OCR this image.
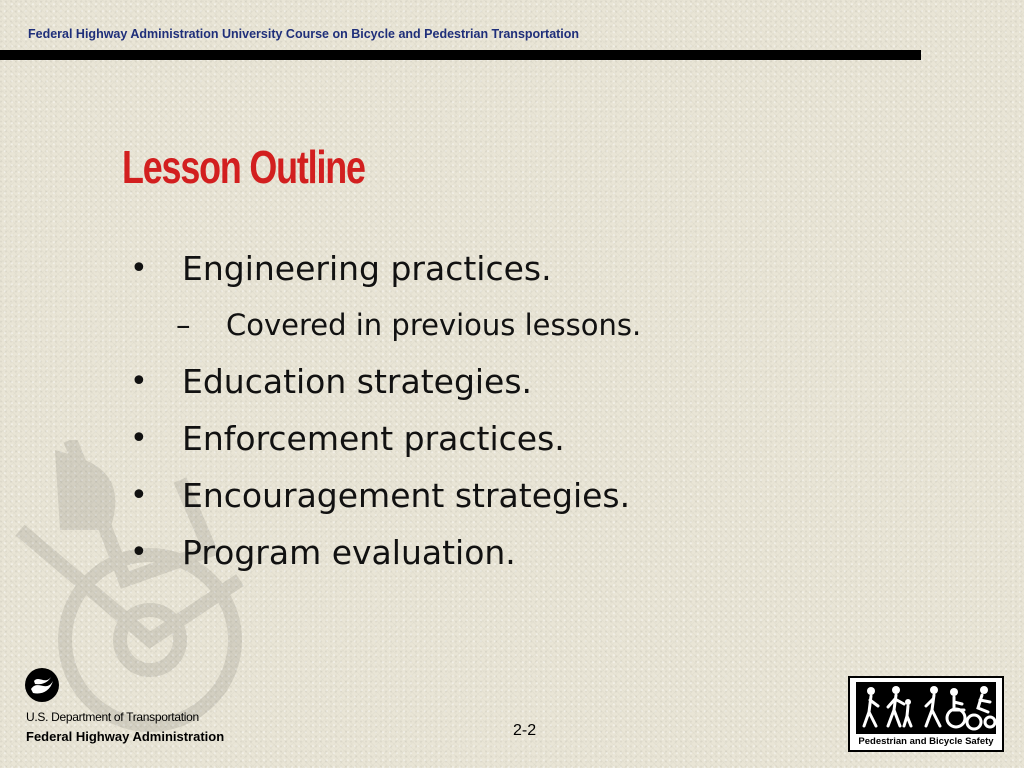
Federal Highway Administration University Course on Bicycle and Pedestrian Transportation
Lesson Outline
•	Engineering practices.
–	Covered in previous lessons.
•	Education strategies.
•	Enforcement practices.
•	Encouragement strategies.
•	Program evaluation.
U.S. Department of Transportation
Federal Highway Administration	2-2
Pedestrian and Bicycle Safety
